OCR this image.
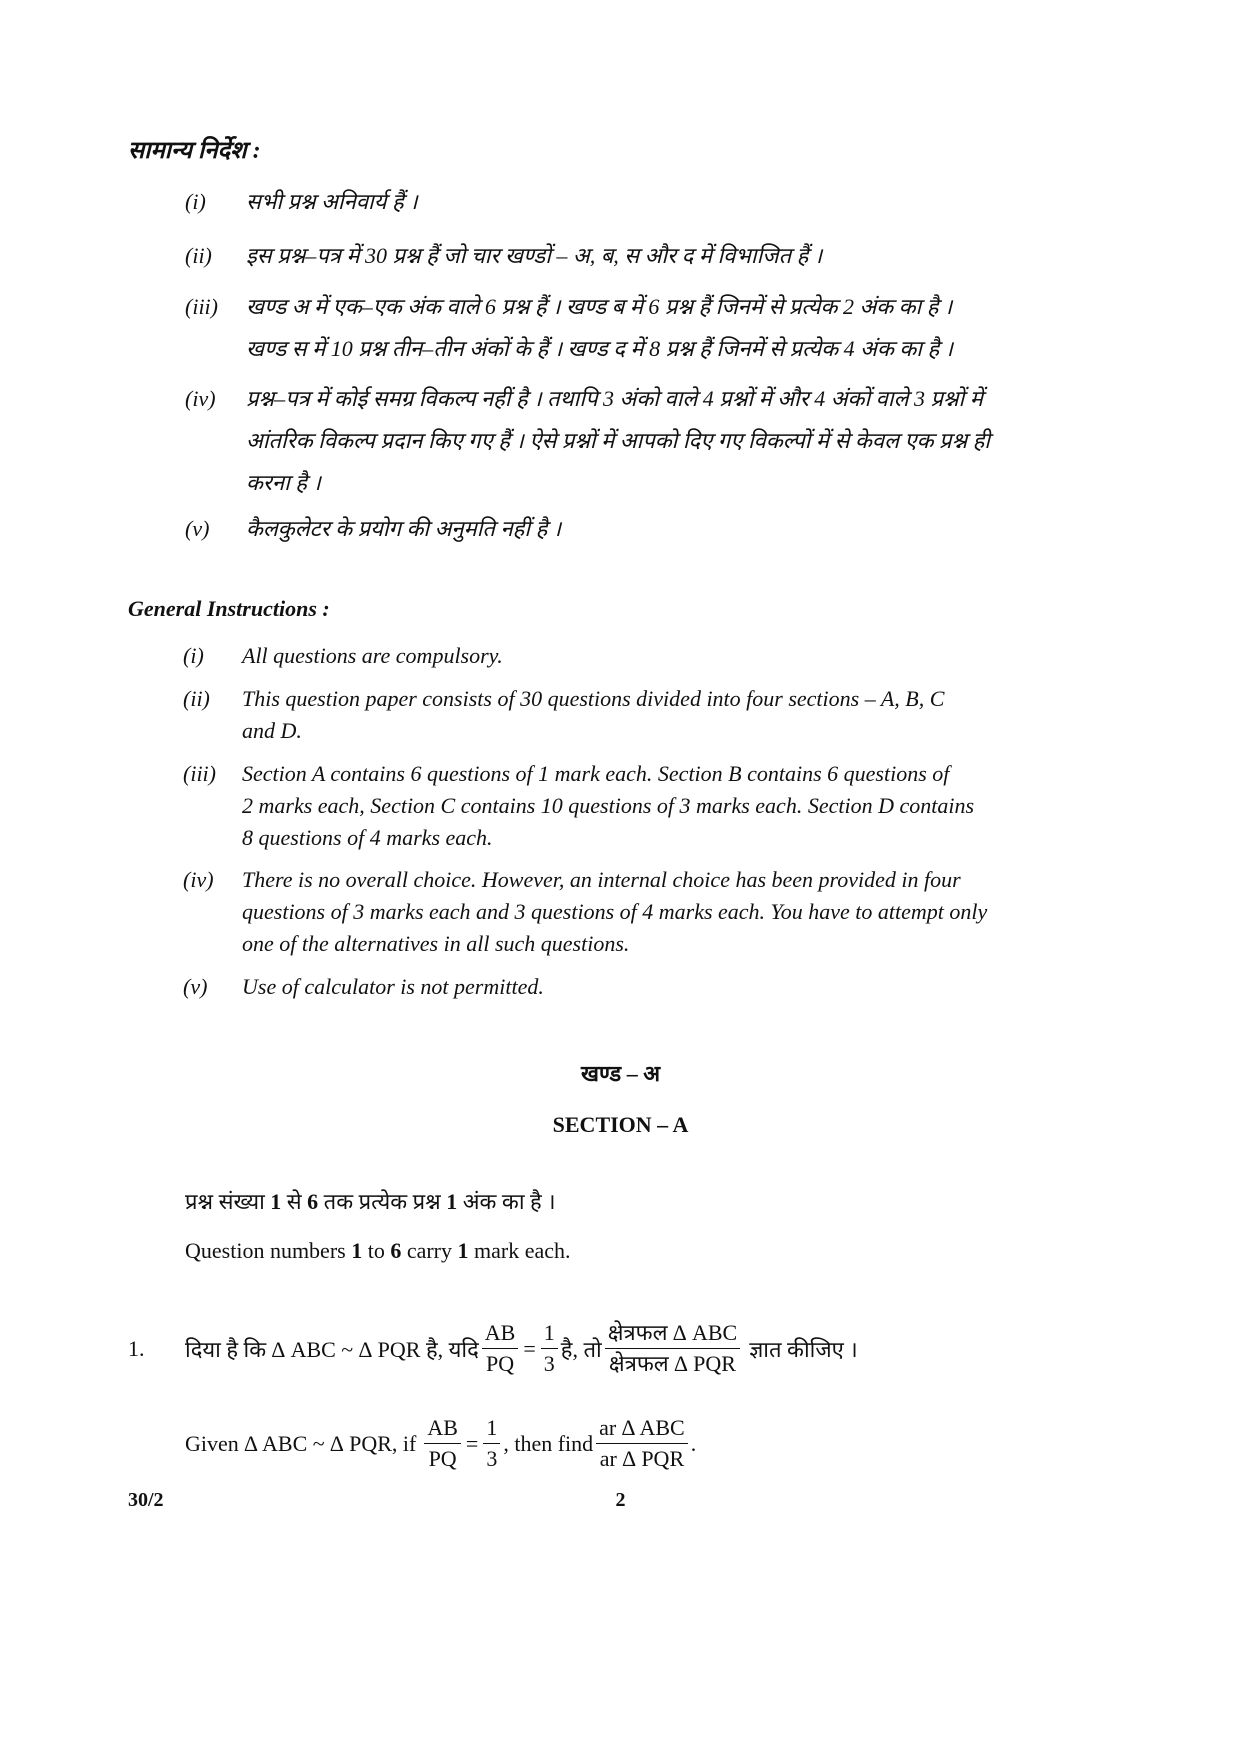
सामान्य निर्देश :
(i)	सभी प्रश्न अनिवार्य हैं ।
(ii)	इस प्रश्न–पत्र में 30 प्रश्न हैं जो चार खण्डों – अ, ब, स और द में विभाजित हैं ।
(iii)	खण्ड अ में एक–एक अंक वाले 6 प्रश्न हैं । खण्ड ब में 6 प्रश्न हैं जिनमें से प्रत्येक 2 अंक का है ।
खण्ड स में 10 प्रश्न तीन–तीन अंकों के हैं । खण्ड द में 8 प्रश्न हैं जिनमें से प्रत्येक 4 अंक का है ।
(iv)	प्रश्न–पत्र में कोई समग्र विकल्प नहीं है । तथापि 3 अंको वाले 4 प्रश्नों में और 4 अंकों वाले 3 प्रश्नों में
आंतरिक विकल्प प्रदान किए गए हैं । ऐसे प्रश्नों में आपको दिए गए विकल्पों में से केवल एक प्रश्न ही
करना है ।
(v)	कैलकुलेटर के प्रयोग की अनुमति नहीं है ।
General Instructions :
(i)	All questions are compulsory.
(ii)	This question paper consists of 30 questions divided into four sections – A, B, C
and D.
(iii)	Section A contains 6 questions of 1 mark each. Section B contains 6 questions of
2 marks each, Section C contains 10 questions of 3 marks each. Section D contains
8 questions of 4 marks each.
(iv)	There is no overall choice. However, an internal choice has been provided in four
questions of 3 marks each and 3 questions of 4 marks each. You have to attempt only
one of the alternatives in all such questions.
(v)	Use of calculator is not permitted.
खण्ड – अ
SECTION – A
प्रश्न संख्या 1 से 6 तक प्रत्येक प्रश्न 1 अंक का है ।
Question numbers 1 to 6 carry 1 mark each.
1.	दिया है कि ∆ ABC ~ ∆ PQR है, यदि $\frac{AB}{PQ} = \frac{1}{3}$ है, तो $\frac{\text{क्षेत्रफल ∆ ABC}}{\text{क्षेत्रफल ∆ PQR}}$ ज्ञात कीजिए ।
Given ∆ ABC ~ ∆ PQR, if $\frac{AB}{PQ} = \frac{1}{3}$ , then find $\frac{\text{ar ∆ ABC}}{\text{ar ∆ PQR}}$ .
30/2	2
